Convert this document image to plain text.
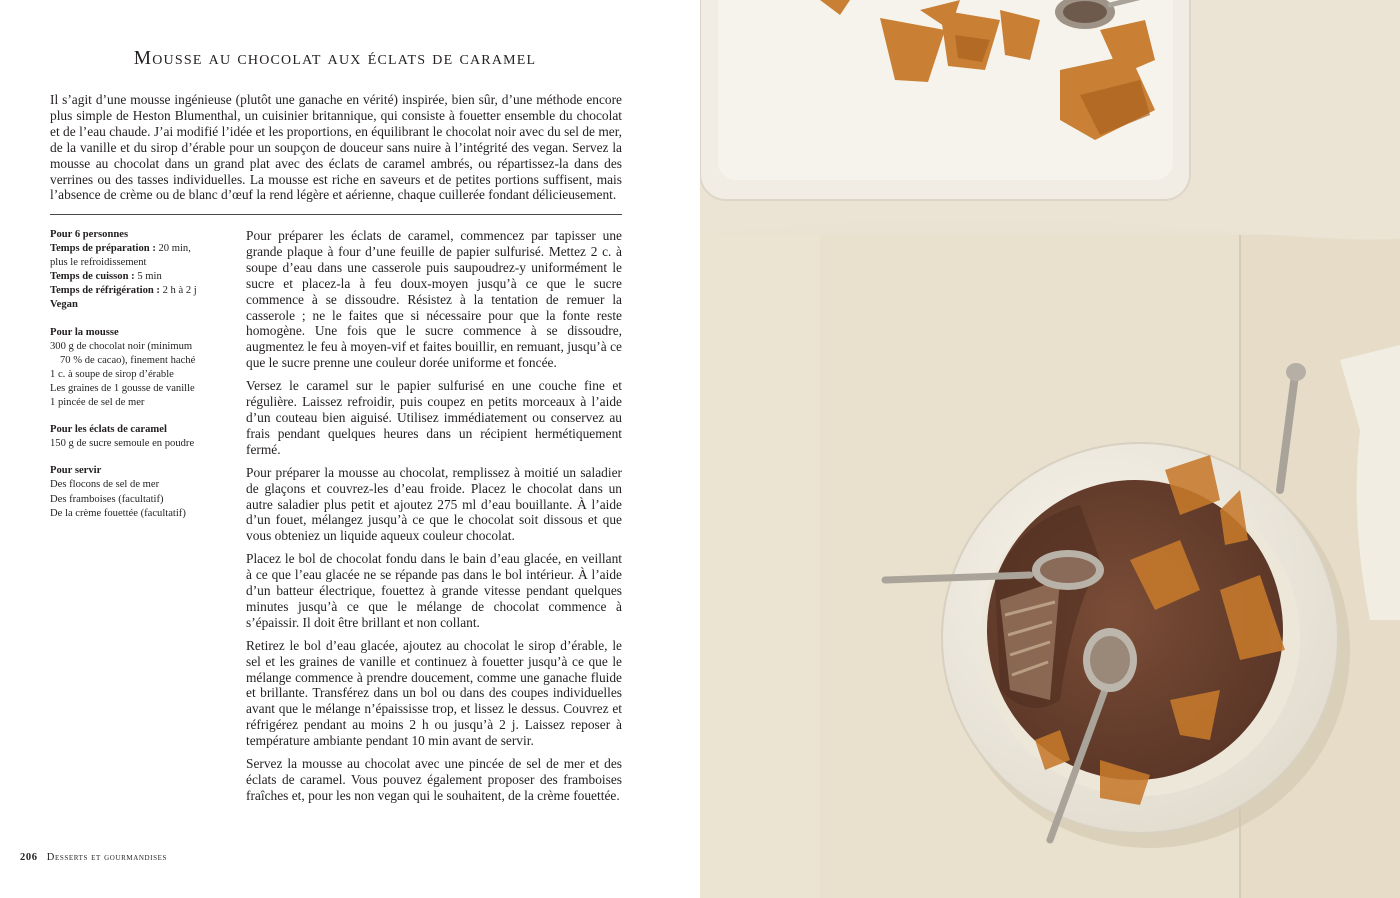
Mousse au chocolat aux éclats de caramel

Il s’agit d’une mousse ingénieuse (plutôt une ganache en vérité) inspirée, bien sûr, d’une méthode encore plus simple de Heston Blumenthal, un cuisinier britannique, qui consiste à fouetter ensemble du chocolat et de l’eau chaude. J’ai modifié l’idée et les proportions, en équilibrant le chocolat noir avec du sel de mer, de la vanille et du sirop d’érable pour un soupçon de douceur sans nuire à l’intégrité des vegan. Servez la mousse au chocolat dans un grand plat avec des éclats de caramel ambrés, ou répartissez-la dans des verrines ou des tasses individuelles. La mousse est riche en saveurs et de petites portions suffisent, mais l’absence de crème ou de blanc d’œuf la rend légère et aérienne, chaque cuillerée fondant délicieusement.

Pour 6 personnes
Temps de préparation : 20 min,
plus le refroidissement
Temps de cuisson : 5 min
Temps de réfrigération : 2 h à 2 j
Vegan
Pour la mousse
300 g de chocolat noir (minimum
70 % de cacao), finement haché
1 c. à soupe de sirop d’érable
Les graines de 1 gousse de vanille
1 pincée de sel de mer
Pour les éclats de caramel
150 g de sucre semoule en poudre
Pour servir
Des flocons de sel de mer
Des framboises (facultatif)
De la crème fouettée (facultatif)

Pour préparer les éclats de caramel, commencez par tapisser une grande plaque à four d’une feuille de papier sulfurisé. Mettez 2 c. à soupe d’eau dans une casserole puis saupoudrez-y uniformément le sucre et placez-la à feu doux-moyen jusqu’à ce que le sucre commence à se dissoudre. Résistez à la tentation de remuer la casserole ; ne le faites que si nécessaire pour que la fonte reste homogène. Une fois que le sucre commence à se dissoudre, augmentez le feu à moyen-vif et faites bouillir, en remuant, jusqu’à ce que le sucre prenne une couleur dorée uniforme et foncée.

Versez le caramel sur le papier sulfurisé en une couche fine et régulière. Laissez refroidir, puis coupez en petits morceaux à l’aide d’un couteau bien aiguisé. Utilisez immédiatement ou conservez au frais pendant quelques heures dans un récipient hermétiquement fermé.

Pour préparer la mousse au chocolat, remplissez à moitié un saladier de glaçons et couvrez-les d’eau froide. Placez le chocolat dans un autre saladier plus petit et ajoutez 275 ml d’eau bouillante. À l’aide d’un fouet, mélangez jusqu’à ce que le chocolat soit dissous et que vous obteniez un liquide aqueux couleur chocolat.

Placez le bol de chocolat fondu dans le bain d’eau glacée, en veillant à ce que l’eau glacée ne se répande pas dans le bol intérieur. À l’aide d’un batteur électrique, fouettez à grande vitesse pendant quelques minutes jusqu’à ce que le mélange de chocolat commence à s’épaissir. Il doit être brillant et non collant.

Retirez le bol d’eau glacée, ajoutez au chocolat le sirop d’érable, le sel et les graines de vanille et continuez à fouetter jusqu’à ce que le mélange commence à prendre doucement, comme une ganache fluide et brillante. Transférez dans un bol ou dans des coupes individuelles avant que le mélange n’épaississe trop, et lissez le dessus. Couvrez et réfrigérez pendant au moins 2 h ou jusqu’à 2 j. Laissez reposer à température ambiante pendant 10 min avant de servir.

Servez la mousse au chocolat avec une pincée de sel de mer et des éclats de caramel. Vous pouvez également proposer des framboises fraîches et, pour les non vegan qui le souhaitent, de la crème fouettée.

206 Desserts et gourmandises
